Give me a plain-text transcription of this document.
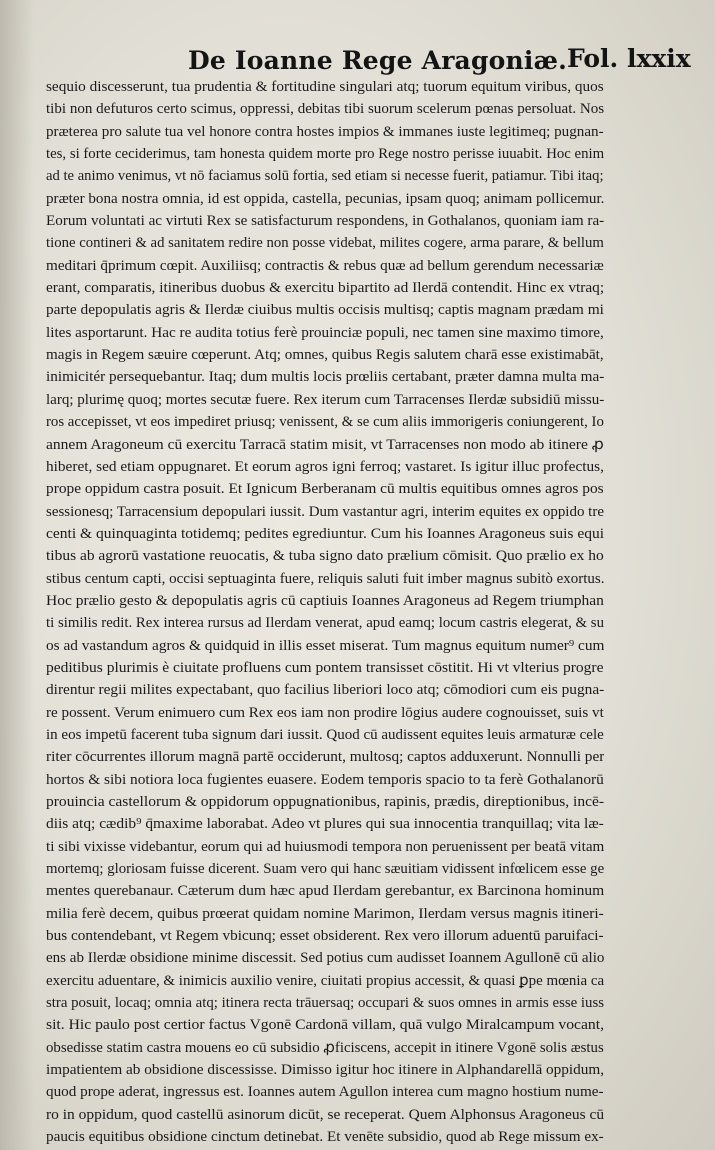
De Ioanne Rege Aragoniæ. Fol. lxxix
sequio discesserunt, tua prudentia & fortitudine singulari atq; tuorum equitum viribus, quos
tibi non defuturos certo scimus, oppressi, debitas tibi suorum scelerum pœnas persoluat. Nos
præterea pro salute tua vel honore contra hostes impios & immanes iuste legitimeq; pugnan-
tes, si forte ceciderimus, tam honesta quidem morte pro Rege nostro perisse iuuabit. Hoc enim
ad te animo venimus, vt nō faciamus solū fortia, sed etiam si necesse fuerit, patiamur. Tibi itaq;
præter bona nostra omnia, id est oppida, castella, pecunias, ipsam quoq; animam pollicemur.
Eorum voluntati ac virtuti Rex se satisfacturum respondens, in Gothalanos, quoniam iam ra-
tione contineri & ad sanitatem redire non posse videbat, milites cogere, arma parare, & bellum
meditari q̄primum cœpit. Auxiliisq; contractis & rebus quæ ad bellum gerendum necessariæ
erant, comparatis, itineribus duobus & exercitu bipartito ad Ilerdā contendit. Hinc ex vtraq;
parte depopulatis agris & Ilerdæ ciuibus multis occisis multisq; captis magnam prædam mi
lites asportarunt. Hac re audita totius ferè prouinciæ populi, nec tamen sine maximo timore,
magis in Regem sæuire cœperunt. Atq; omnes, quibus Regis salutem charā esse existimabāt,
inimicitér persequebantur. Itaq; dum multis locis prœliis certabant, præter damna multa ma-
larq; plurimę quoq; mortes secutæ fuere. Rex iterum cum Tarracenses Ilerdæ subsidiū missu-
ros accepisset, vt eos impediret priusq; venissent, & se cum aliis immorigeris coniungerent, Io
annem Aragoneum cū exercitu Tarracā statim misit, vt Tarracenses non modo ab itinere ꝓ
hiberet, sed etiam oppugnaret. Et eorum agros igni ferroq; vastaret. Is igitur illuc profectus,
prope oppidum castra posuit. Et Ignicum Berberanam cū multis equitibus omnes agros pos
sessionesq; Tarracensium depopulari iussit. Dum vastantur agri, interim equites ex oppido tre
centi & quinquaginta totidemq; pedites egrediuntur. Cum his Ioannes Aragoneus suis equi
tibus ab agrorū vastatione reuocatis, & tuba signo dato prælium cōmisit. Quo prælio ex ho
stibus centum capti, occisi septuaginta fuere, reliquis saluti fuit imber magnus subitò exortus.
Hoc prælio gesto & depopulatis agris cū captiuis Ioannes Aragoneus ad Regem triumphan
ti similis redit. Rex interea rursus ad Ilerdam venerat, apud eamq; locum castris elegerat, & su
os ad vastandum agros & quidquid in illis esset miserat. Tum magnus equitum numer⁹ cum
peditibus plurimis è ciuitate profluens cum pontem transisset cōstitit. Hi vt vlterius progre
direntur regii milites expectabant, quo facilius liberiori loco atq; cōmodiori cum eis pugna-
re possent. Verum enimuero cum Rex eos iam non prodire lōgius audere cognouisset, suis vt
in eos impetū facerent tuba signum dari iussit. Quod cū audissent equites leuis armaturæ cele
riter cōcurrentes illorum magnā partē occiderunt, multosq; captos adduxerunt. Nonnulli per
hortos & sibi notiora loca fugientes euasere. Eodem temporis spacio to ta ferè Gothalanorū
prouincia castellorum & oppidorum oppugnationibus, rapinis, prædis, direptionibus, incē-
diis atq; cædib⁹ q̄maxime laborabat. Adeo vt plures qui sua innocentia tranquillaq; vita læ-
ti sibi vixisse videbantur, eorum qui ad huiusmodi tempora non peruenissent per beatā vitam
mortemq; gloriosam fuisse dicerent. Suam vero qui hanc sæuitiam vidissent infœlicem esse ge
mentes querebanaur. Cæterum dum hæc apud Ilerdam gerebantur, ex Barcinona hominum
milia ferè decem, quibus prœerat quidam nomine Marimon, Ilerdam versus magnis itineri-
bus contendebant, vt Regem vbicunq; esset obsiderent. Rex vero illorum aduentū paruifaci-
ens ab Ilerdæ obsidione minime discessit. Sed potius cum audisset Ioannem Agullonē cū alio
exercitu aduentare, & inimicis auxilio venire, ciuitati propius accessit, & quasi ꝑpe mœnia ca
stra posuit, locaq; omnia atq; itinera recta trāuersaq; occupari & suos omnes in armis esse iuss
sit. Hic paulo post certior factus Vgonē Cardonā villam, quā vulgo Miralcampum vocant,
obsedisse statim castra mouens eo cū subsidio ꝓficiscens, accepit in itinere Vgonē solis æstus
impatientem ab obsidione discessisse. Dimisso igitur hoc itinere in Alphandarellā oppidum,
quod prope aderat, ingressus est. Ioannes autem Agullon interea cum magno hostium nume-
ro in oppidum, quod castellū asinorum dicūt, se receperat. Quem Alphonsus Aragoneus cū
paucis equitibus obsidione cinctum detinebat. Et venēte subsidio, quod ab Rege missum ex-
